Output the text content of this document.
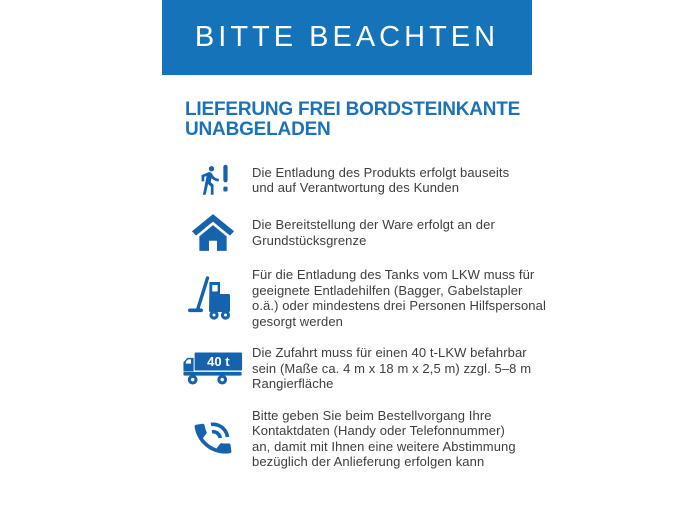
BITTE BEACHTEN
LIEFERUNG FREI BORDSTEINKANTE
UNABGELADEN
Die Entladung des Produkts erfolgt bauseits
und auf Verantwortung des Kunden
Die Bereitstellung der Ware erfolgt an der
Grundstücksgrenze
Für die Entladung des Tanks vom LKW muss für
geeignete Entladehilfen (Bagger, Gabelstapler
o.ä.) oder mindestens drei Personen Hilfspersonal
gesorgt werden
40 t
Die Zufahrt muss für einen 40 t-LKW befahrbar
sein (Maße ca. 4 m x 18 m x 2,5 m) zzgl. 5–8 m
Rangierfläche
Bitte geben Sie beim Bestellvorgang Ihre
Kontaktdaten (Handy oder Telefonnummer)
an, damit mit Ihnen eine weitere Abstimmung
bezüglich der Anlieferung erfolgen kann
